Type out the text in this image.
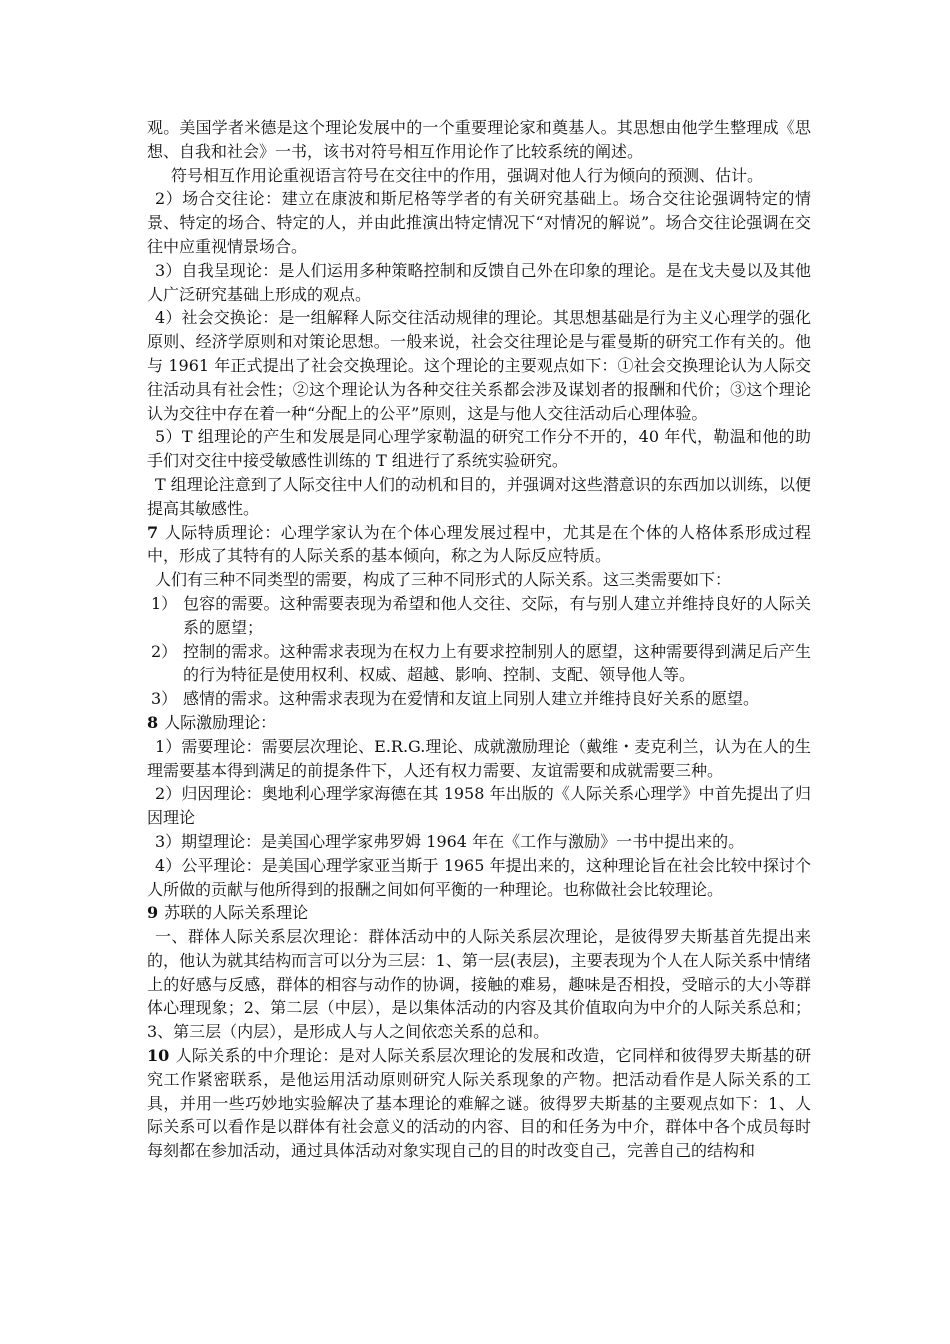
观。美国学者米德是这个理论发展中的一个重要理论家和奠基人。其思想由他学生整理成《思想、自我和社会》一书，该书对符号相互作用论作了比较系统的阐述。

符号相互作用论重视语言符号在交往中的作用，强调对他人行为倾向的预测、估计。

2）场合交往论：建立在康波和斯尼格等学者的有关研究基础上。场合交往论强调特定的情景、特定的场合、特定的人，并由此推演出特定情况下“对情况的解说”。场合交往论强调在交往中应重视情景场合。

3）自我呈现论：是人们运用多种策略控制和反馈自己外在印象的理论。是在戈夫曼以及其他人广泛研究基础上形成的观点。

4）社会交换论：是一组解释人际交往活动规律的理论。其思想基础是行为主义心理学的强化原则、经济学原则和对策论思想。一般来说，社会交往理论是与霍曼斯的研究工作有关的。他与 1961 年正式提出了社会交换理论。这个理论的主要观点如下：①社会交换理论认为人际交往活动具有社会性；②这个理论认为各种交往关系都会涉及谋划者的报酬和代价；③这个理论认为交往中存在着一种“分配上的公平”原则，这是与他人交往活动后心理体验。

5）T 组理论的产生和发展是同心理学家勒温的研究工作分不开的，40 年代，勒温和他的助手们对交往中接受敏感性训练的 T 组进行了系统实验研究。

T 组理论注意到了人际交往中人们的动机和目的，并强调对这些潜意识的东西加以训练，以便提高其敏感性。

7 人际特质理论：心理学家认为在个体心理发展过程中，尤其是在个体的人格体系形成过程中，形成了其特有的人际关系的基本倾向，称之为人际反应特质。

人们有三种不同类型的需要，构成了三种不同形式的人际关系。这三类需要如下：

1） 包容的需要。这种需要表现为希望和他人交往、交际，有与别人建立并维持良好的人际关系的愿望；
2） 控制的需求。这种需求表现为在权力上有要求控制别人的愿望，这种需要得到满足后产生的行为特征是使用权利、权威、超越、影响、控制、支配、领导他人等。
3） 感情的需求。这种需求表现为在爱情和友谊上同别人建立并维持良好关系的愿望。

8 人际激励理论：

1）需要理论：需要层次理论、E.R.G.理论、成就激励理论（戴维・麦克利兰，认为在人的生理需要基本得到满足的前提条件下，人还有权力需要、友谊需要和成就需要三种。

2）归因理论：奥地利心理学家海德在其 1958 年出版的《人际关系心理学》中首先提出了归因理论

3）期望理论：是美国心理学家弗罗姆 1964 年在《工作与激励》一书中提出来的。

4）公平理论：是美国心理学家亚当斯于 1965 年提出来的，这种理论旨在社会比较中探讨个人所做的贡献与他所得到的报酬之间如何平衡的一种理论。也称做社会比较理论。

9 苏联的人际关系理论

一、群体人际关系层次理论：群体活动中的人际关系层次理论，是彼得罗夫斯基首先提出来的，他认为就其结构而言可以分为三层：1、第一层(表层)，主要表现为个人在人际关系中情绪上的好感与反感，群体的相容与动作的协调，接触的难易，趣味是否相投，受暗示的大小等群体心理现象；2、第二层（中层），是以集体活动的内容及其价值取向为中介的人际关系总和；3、第三层（内层），是形成人与人之间依恋关系的总和。

10 人际关系的中介理论：是对人际关系层次理论的发展和改造，它同样和彼得罗夫斯基的研究工作紧密联系，是他运用活动原则研究人际关系现象的产物。把活动看作是人际关系的工具，并用一些巧妙地实验解决了基本理论的难解之谜。彼得罗夫斯基的主要观点如下：1、人际关系可以看作是以群体有社会意义的活动的内容、目的和任务为中介，群体中各个成员每时每刻都在参加活动，通过具体活动对象实现自己的目的时改变自己，完善自己的结构和
